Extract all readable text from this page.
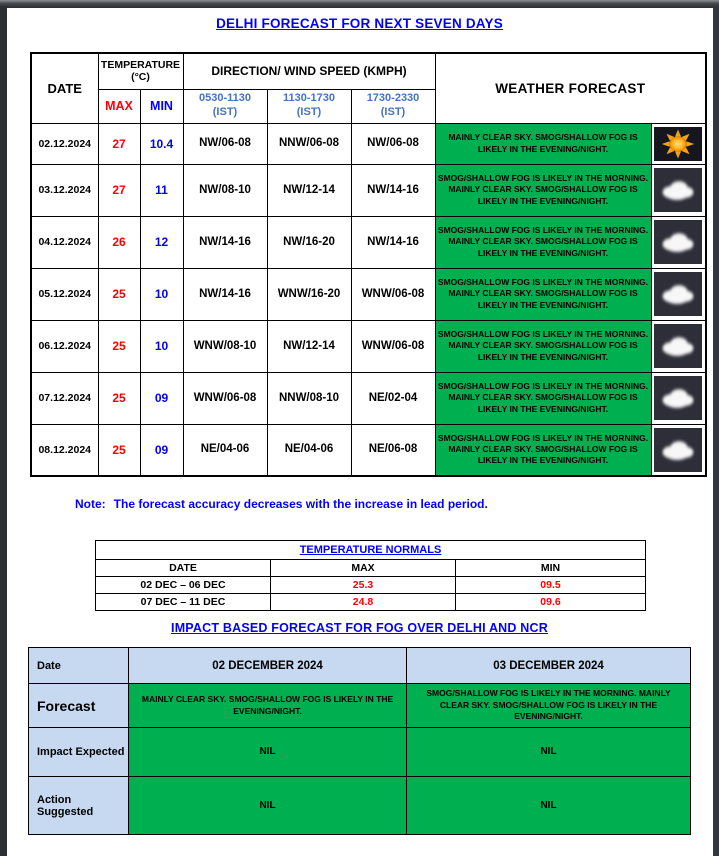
DELHI FORECAST FOR NEXT SEVEN DAYS
DATE	TEMPERATURE (°C)		DIRECTION/ WIND SPEED (KMPH)			WEATHER FORECAST	
	MAX	MIN	0530-1130 (IST)	1130-1730 (IST)	1730-2330 (IST)		
02.12.2024	27	10.4	NW/06-08	NNW/06-08	NW/06-08	MAINLY CLEAR SKY. SMOG/SHALLOW FOG IS LIKELY IN THE EVENING/NIGHT.	

03.12.2024	27	11	NW/08-10	NW/12-14	NW/14-16	SMOG/SHALLOW FOG IS LIKELY IN THE MORNING. MAINLY CLEAR SKY. SMOG/SHALLOW FOG IS LIKELY IN THE EVENING/NIGHT.	

04.12.2024	26	12	NW/14-16	NW/16-20	NW/14-16	SMOG/SHALLOW FOG IS LIKELY IN THE MORNING. MAINLY CLEAR SKY. SMOG/SHALLOW FOG IS LIKELY IN THE EVENING/NIGHT.	

05.12.2024	25	10	NW/14-16	WNW/16-20	WNW/06-08	SMOG/SHALLOW FOG IS LIKELY IN THE MORNING. MAINLY CLEAR SKY. SMOG/SHALLOW FOG IS LIKELY IN THE EVENING/NIGHT.	

06.12.2024	25	10	WNW/08-10	NW/12-14	WNW/06-08	SMOG/SHALLOW FOG IS LIKELY IN THE MORNING. MAINLY CLEAR SKY. SMOG/SHALLOW FOG IS LIKELY IN THE EVENING/NIGHT.	

07.12.2024	25	09	WNW/06-08	NNW/08-10	NE/02-04	SMOG/SHALLOW FOG IS LIKELY IN THE MORNING. MAINLY CLEAR SKY. SMOG/SHALLOW FOG IS LIKELY IN THE EVENING/NIGHT.	

08.12.2024	25	09	NE/04-06	NE/04-06	NE/06-08	SMOG/SHALLOW FOG IS LIKELY IN THE MORNING. MAINLY CLEAR SKY. SMOG/SHALLOW FOG IS LIKELY IN THE EVENING/NIGHT.	
Note: The forecast accuracy decreases with the increase in lead period.
TEMPERATURE NORMALS		
DATE	MAX	MIN
02 DEC – 06 DEC	25.3	09.5
07 DEC – 11 DEC	24.8	09.6
IMPACT BASED FORECAST FOR FOG OVER DELHI AND NCR
Date	02 DECEMBER 2024	03 DECEMBER 2024
Forecast	MAINLY CLEAR SKY. SMOG/SHALLOW FOG IS LIKELY IN THE EVENING/NIGHT.	SMOG/SHALLOW FOG IS LIKELY IN THE MORNING. MAINLY CLEAR SKY. SMOG/SHALLOW FOG IS LIKELY IN THE EVENING/NIGHT.
Impact Expected	NIL	NIL
Action Suggested	NIL	NIL
